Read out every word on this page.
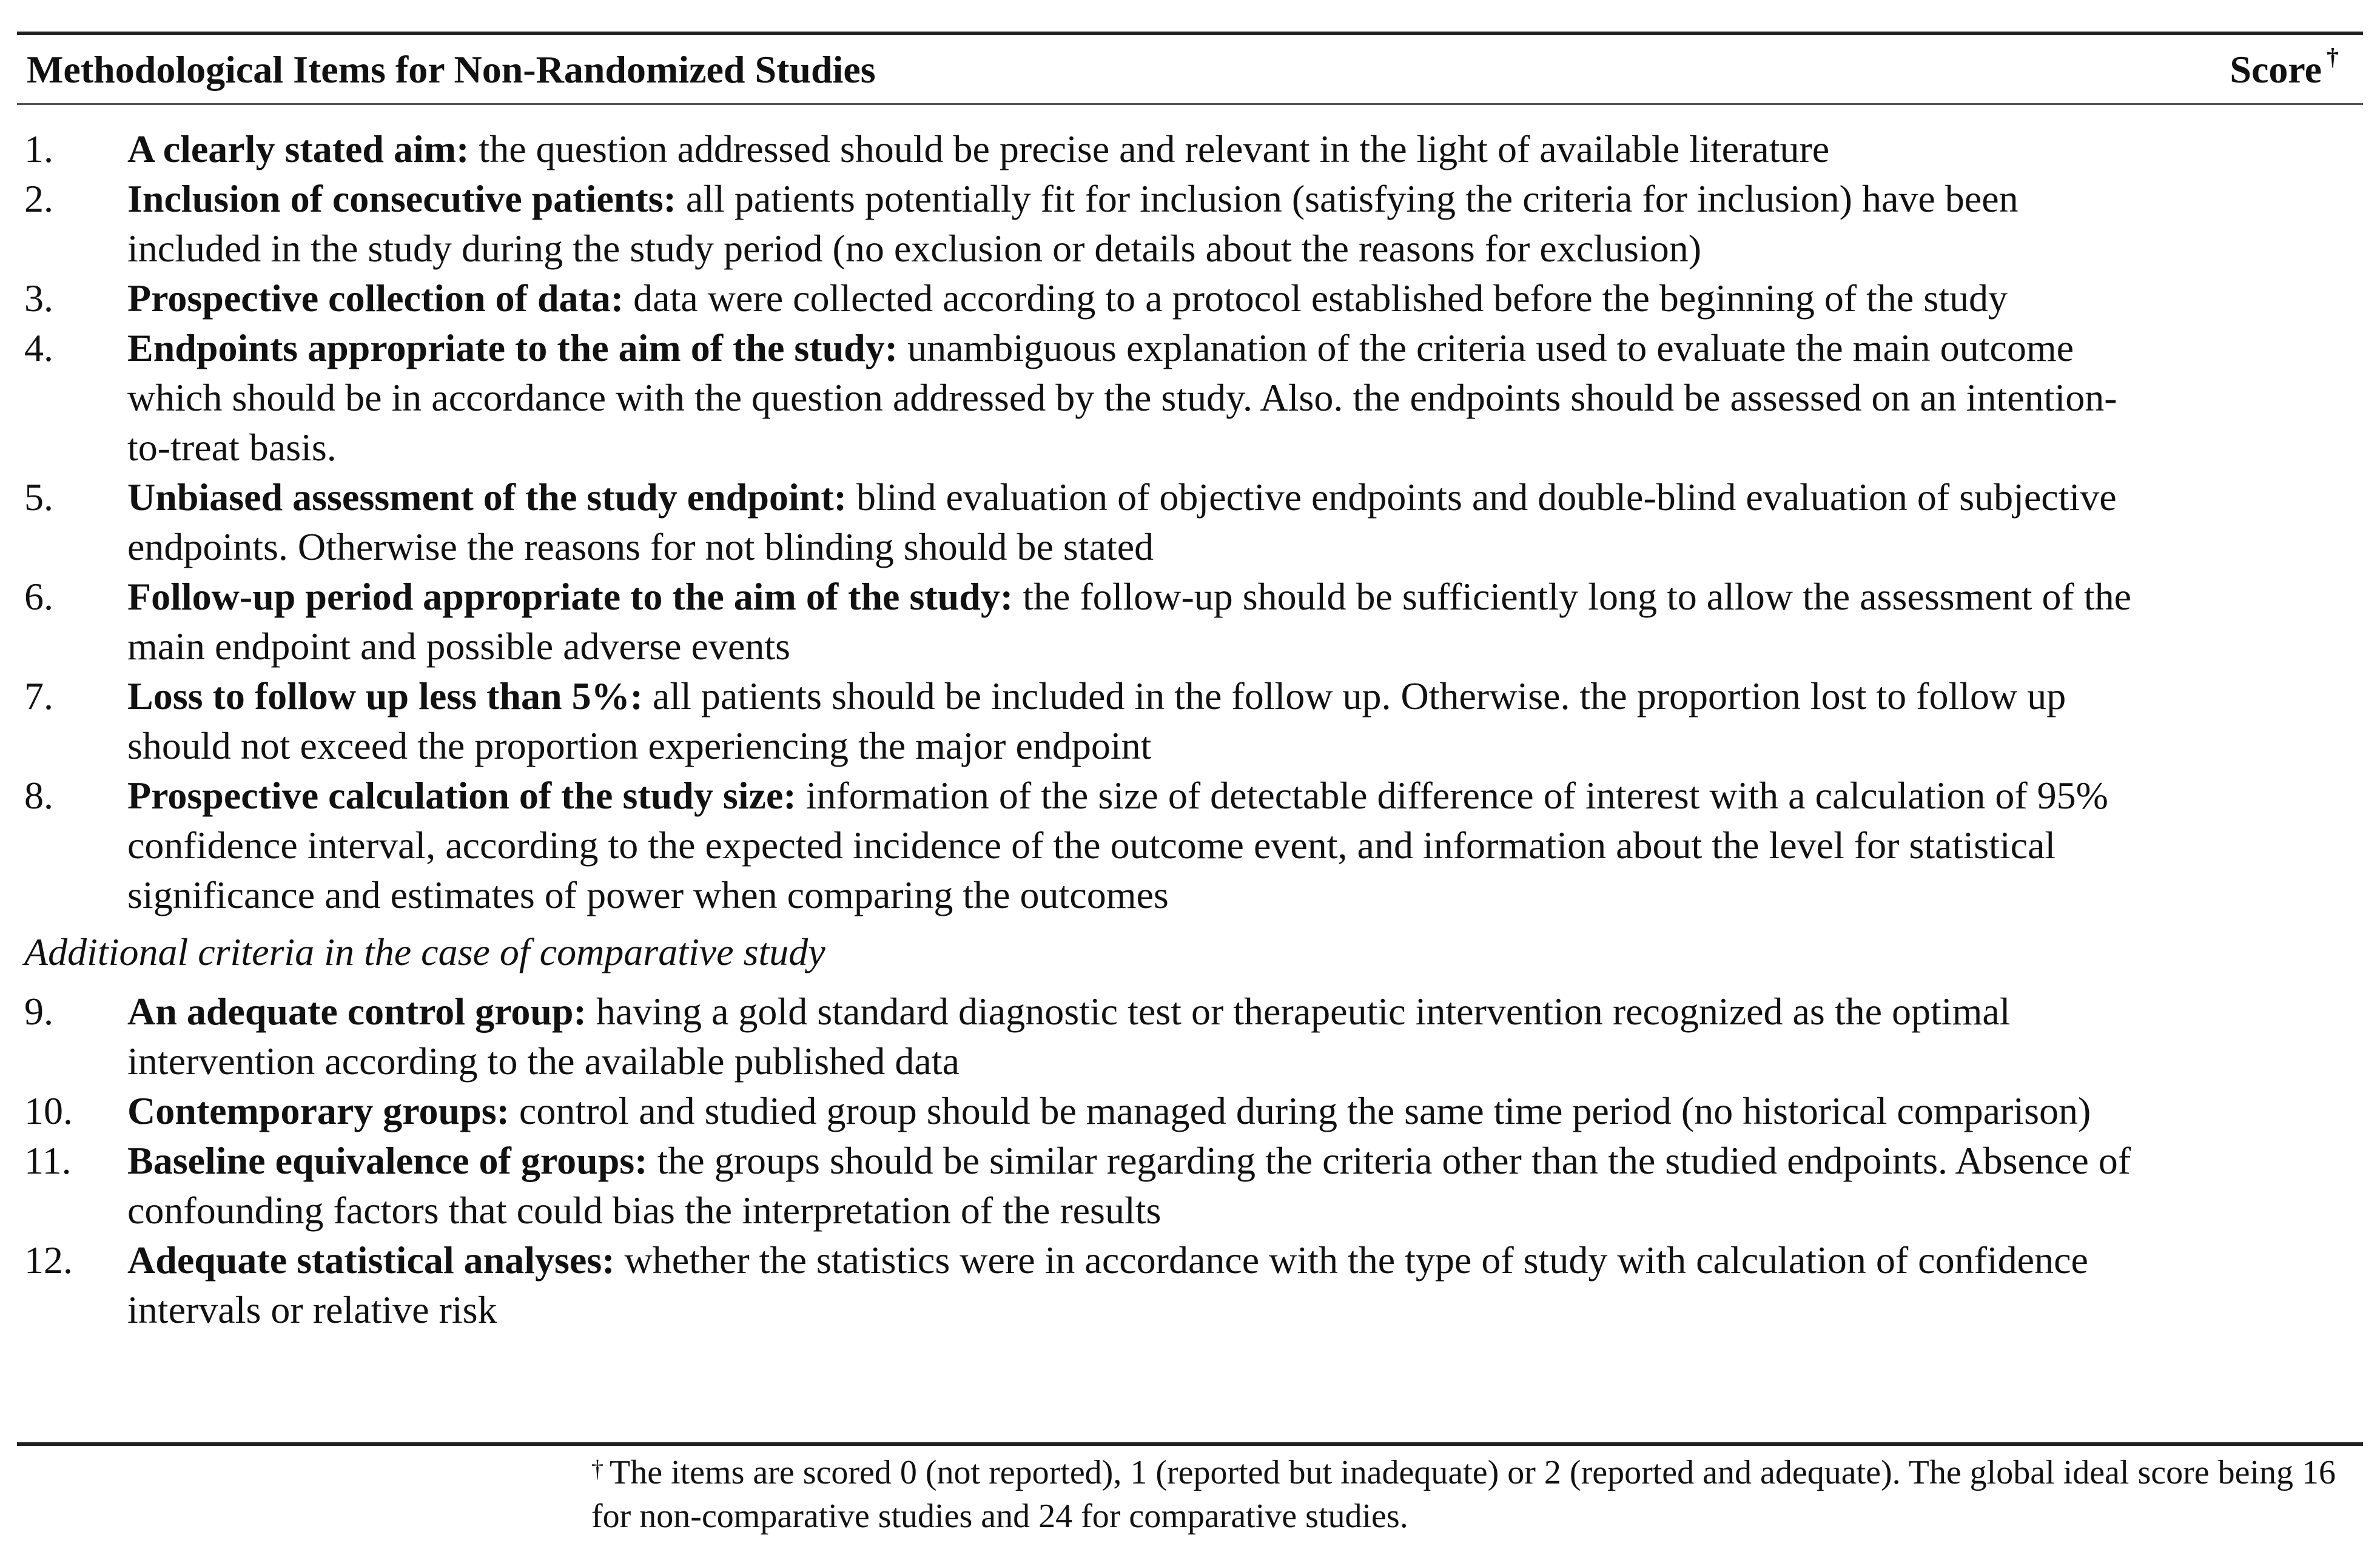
Methodological Items for Non-Randomized Studies	Score †
1.	A clearly stated aim: the question addressed should be precise and relevant in the light of available literature
2.	Inclusion of consecutive patients: all patients potentially fit for inclusion (satisfying the criteria for inclusion) have been included in the study during the study period (no exclusion or details about the reasons for exclusion)
3.	Prospective collection of data: data were collected according to a protocol established before the beginning of the study
4.	Endpoints appropriate to the aim of the study: unambiguous explanation of the criteria used to evaluate the main outcome which should be in accordance with the question addressed by the study. Also. the endpoints should be assessed on an intention-to-treat basis.
5.	Unbiased assessment of the study endpoint: blind evaluation of objective endpoints and double-blind evaluation of subjective endpoints. Otherwise the reasons for not blinding should be stated
6.	Follow-up period appropriate to the aim of the study: the follow-up should be sufficiently long to allow the assessment of the main endpoint and possible adverse events
7.	Loss to follow up less than 5%: all patients should be included in the follow up. Otherwise. the proportion lost to follow up should not exceed the proportion experiencing the major endpoint
8.	Prospective calculation of the study size: information of the size of detectable difference of interest with a calculation of 95% confidence interval, according to the expected incidence of the outcome event, and information about the level for statistical significance and estimates of power when comparing the outcomes
Additional criteria in the case of comparative study
9.	An adequate control group: having a gold standard diagnostic test or therapeutic intervention recognized as the optimal intervention according to the available published data
10.	Contemporary groups: control and studied group should be managed during the same time period (no historical comparison)
11.	Baseline equivalence of groups: the groups should be similar regarding the criteria other than the studied endpoints. Absence of confounding factors that could bias the interpretation of the results
12.	Adequate statistical analyses: whether the statistics were in accordance with the type of study with calculation of confidence intervals or relative risk
† The items are scored 0 (not reported), 1 (reported but inadequate) or 2 (reported and adequate). The global ideal score being 16 for non-comparative studies and 24 for comparative studies.
